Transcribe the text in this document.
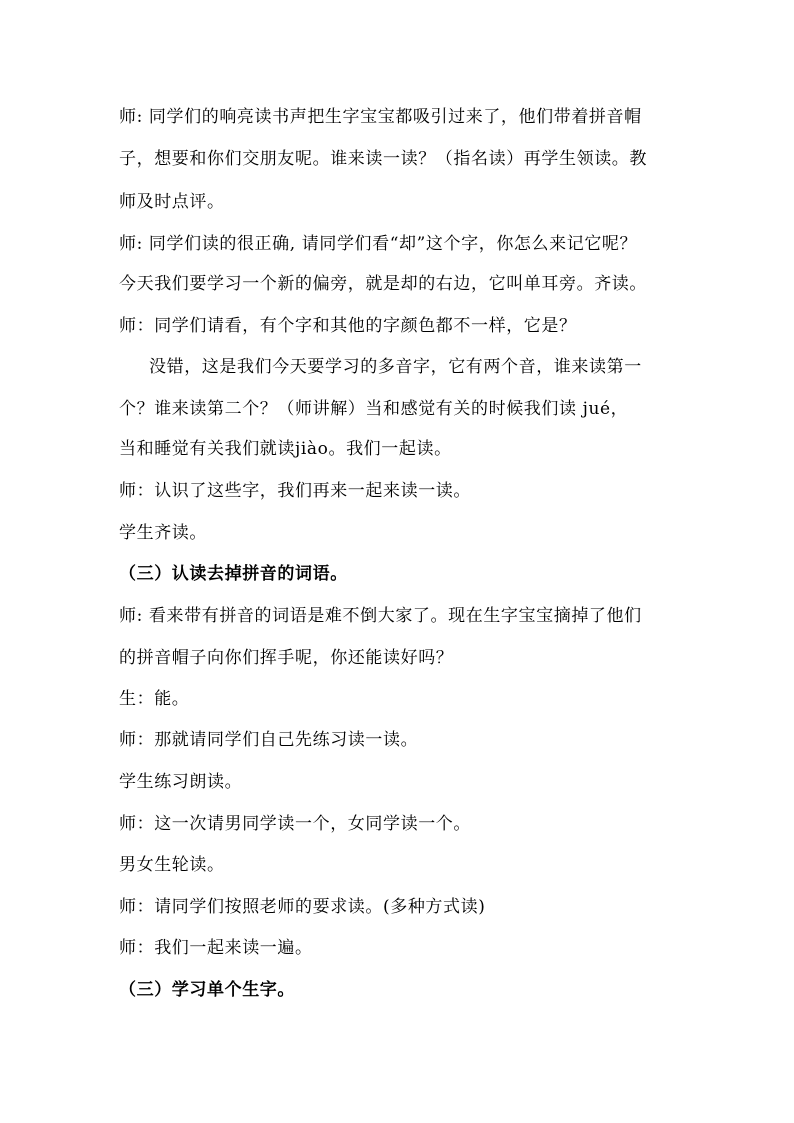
师: 同学们的响亮读书声把生字宝宝都吸引过来了，他们带着拼音帽
子，想要和你们交朋友呢。谁来读一读？（指名读）再学生领读。教
师及时点评。
师: 同学们读的很正确, 请同学们看“却”这个字，你怎么来记它呢？
今天我们要学习一个新的偏旁，就是却的右边，它叫单耳旁。齐读。
师：同学们请看，有个字和其他的字颜色都不一样，它是？
没错，这是我们今天要学习的多音字，它有两个音，谁来读第一
个？谁来读第二个？（师讲解）当和感觉有关的时候我们读 jué，
当和睡觉有关我们就读jiào。我们一起读。
师：认识了这些字，我们再来一起来读一读。
学生齐读。
（三）认读去掉拼音的词语。
师: 看来带有拼音的词语是难不倒大家了。现在生字宝宝摘掉了他们
的拼音帽子向你们挥手呢，你还能读好吗？
生：能。
师：那就请同学们自己先练习读一读。
学生练习朗读。
师：这一次请男同学读一个，女同学读一个。
男女生轮读。
师：请同学们按照老师的要求读。(多种方式读)
师：我们一起来读一遍。
（三）学习单个生字。
